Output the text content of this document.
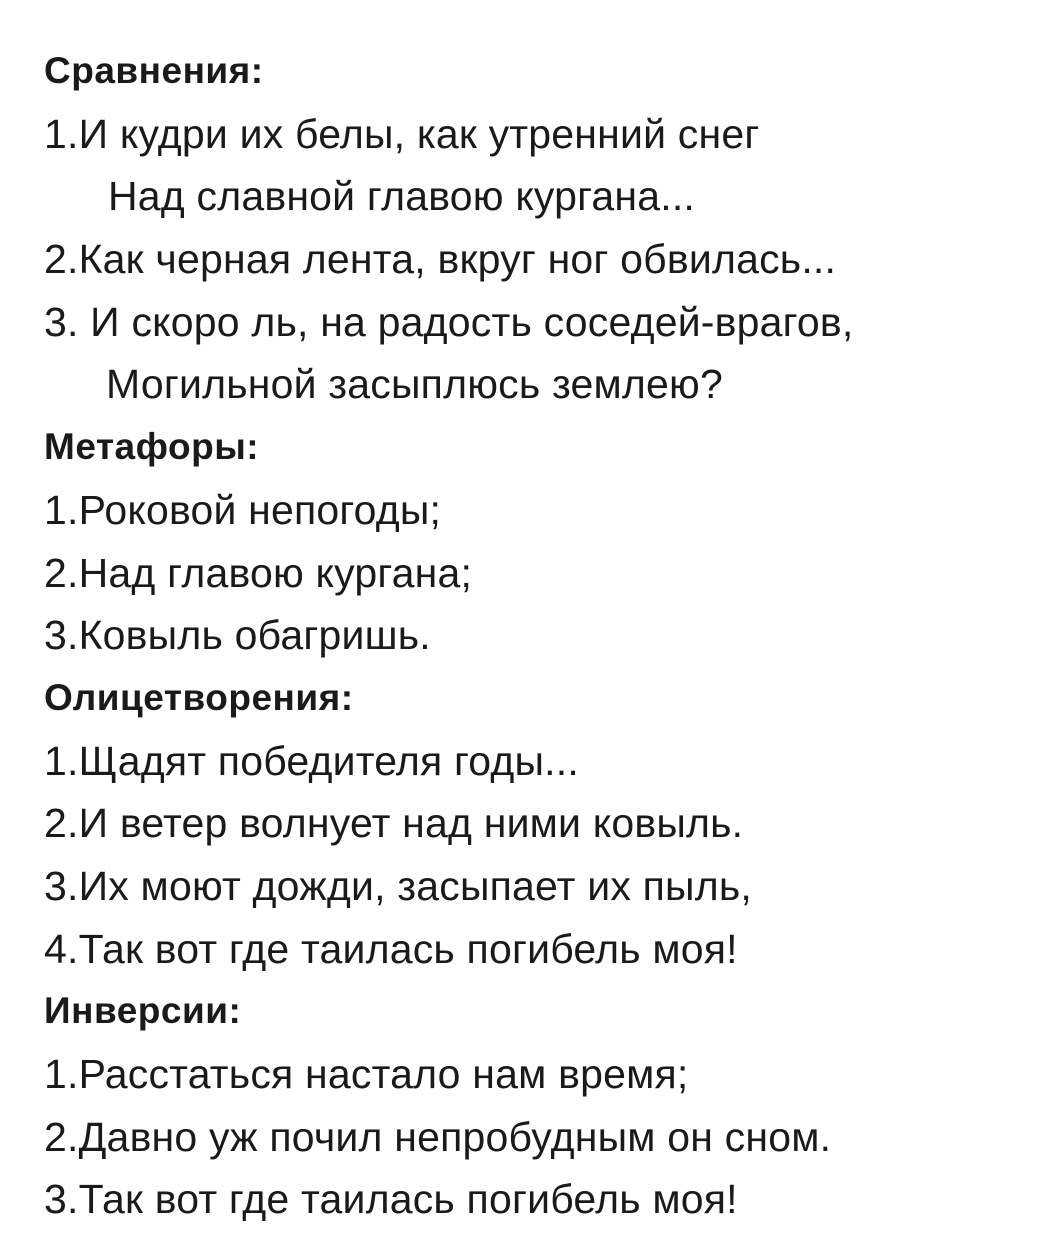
Сравнения:
1.И кудри их белы, как утренний снег
Над славной главою кургана...
2.Как черная лента, вкруг ног обвилась...
3. И скоро ль, на радость соседей-врагов,
Могильной засыплюсь землею?
Метафоры:
1.Роковой непогоды;
2.Над главою кургана;
3.Ковыль обагришь.
Олицетворения:
1.Щадят победителя годы...
2.И ветер волнует над ними ковыль.
3.Их моют дожди, засыпает их пыль,
4.Так вот где таилась погибель моя!
Инверсии:
1.Расстаться настало нам время;
2.Давно уж почил непробудным он сном.
3.Так вот где таилась погибель моя!
